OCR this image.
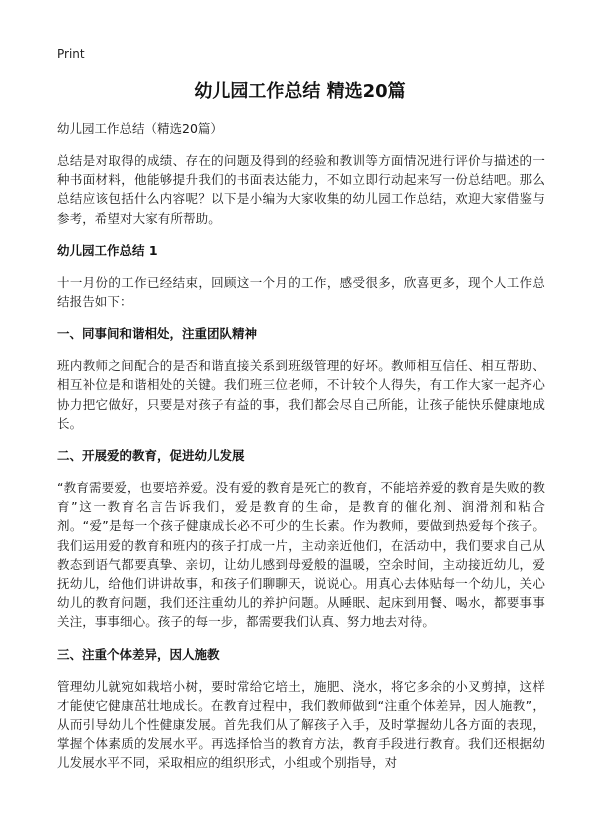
Print
幼儿园工作总结 精选20篇

幼儿园工作总结（精选20篇）

总结是对取得的成绩、存在的问题及得到的经验和教训等方面情况进行评价与描述的一种书面材料，他能够提升我们的书面表达能力，不如立即行动起来写一份总结吧。那么总结应该包括什么内容呢？以下是小编为大家收集的幼儿园工作总结，欢迎大家借鉴与参考，希望对大家有所帮助。

幼儿园工作总结 1

十一月份的工作已经结束，回顾这一个月的工作，感受很多，欣喜更多，现个人工作总结报告如下：

一、同事间和谐相处，注重团队精神

班内教师之间配合的是否和谐直接关系到班级管理的好坏。教师相互信任、相互帮助、相互补位是和谐相处的关键。我们班三位老师，不计较个人得失，有工作大家一起齐心协力把它做好，只要是对孩子有益的事，我们都会尽自己所能，让孩子能快乐健康地成长。

二、开展爱的教育，促进幼儿发展

“教育需要爱，也要培养爱。没有爱的教育是死亡的教育，不能培养爱的教育是失败的教育”这一教育名言告诉我们，爱是教育的生命，是教育的催化剂、润滑剂和粘合剂。“爱”是每一个孩子健康成长必不可少的生长素。作为教师，要做到热爱每个孩子。我们运用爱的教育和班内的孩子打成一片，主动亲近他们，在活动中，我们要求自己从教态到语气都要真挚、亲切，让幼儿感到母爱般的温暖，空余时间，主动接近幼儿，爱抚幼儿，给他们讲讲故事，和孩子们聊聊天，说说心。用真心去体贴每一个幼儿，关心幼儿的教育问题，我们还注重幼儿的养护问题。从睡眠、起床到用餐、喝水，都要事事关注，事事细心。孩子的每一步，都需要我们认真、努力地去对待。

三、注重个体差异，因人施教

管理幼儿就宛如栽培小树，要时常给它培土，施肥、浇水，将它多余的小叉剪掉，这样才能使它健康茁壮地成长。在教育过程中，我们教师做到“注重个体差异，因人施教”，从而引导幼儿个性健康发展。首先我们从了解孩子入手，及时掌握幼儿各方面的表现，掌握个体素质的发展水平。再选择恰当的教育方法，教育手段进行教育。我们还根据幼儿发展水平不同，采取相应的组织形式，小组或个别指导，对
